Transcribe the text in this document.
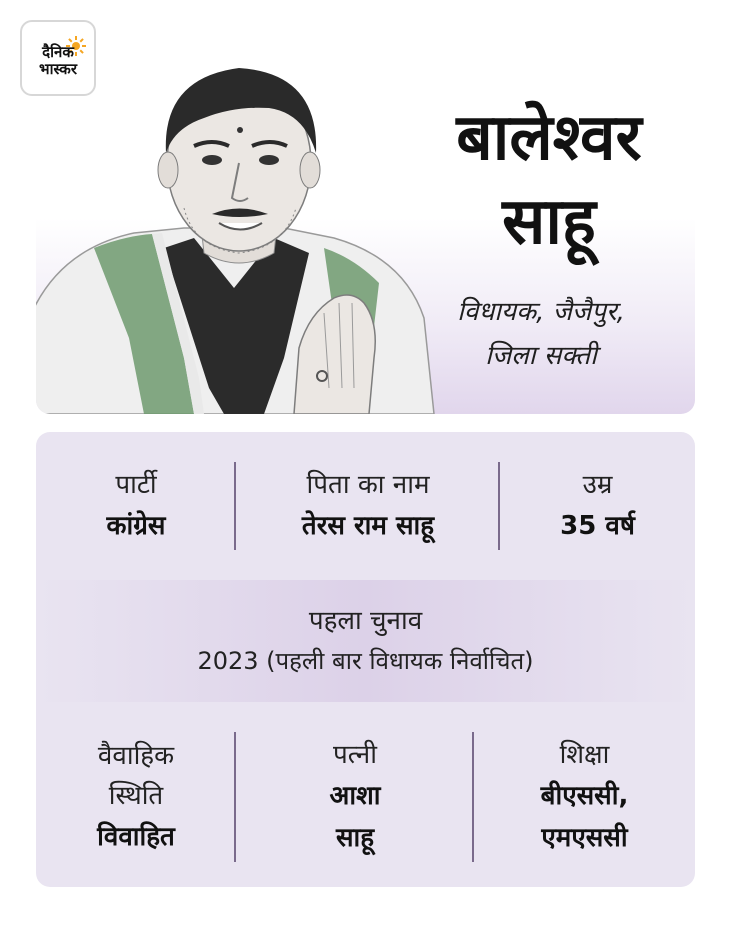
दैनिक
भास्कर
बालेश्वर
साहू
विधायक, जैजैपुर,
जिला सक्ती
पार्टी
कांग्रेस
पिता का नाम
तेरस राम साहू
उम्र
35 वर्ष
पहला चुनाव
2023 (पहली बार विधायक निर्वाचित)
वैवाहिक
स्थिति
विवाहित
पत्नी
आशा
साहू
शिक्षा
बीएससी,
एमएससी
